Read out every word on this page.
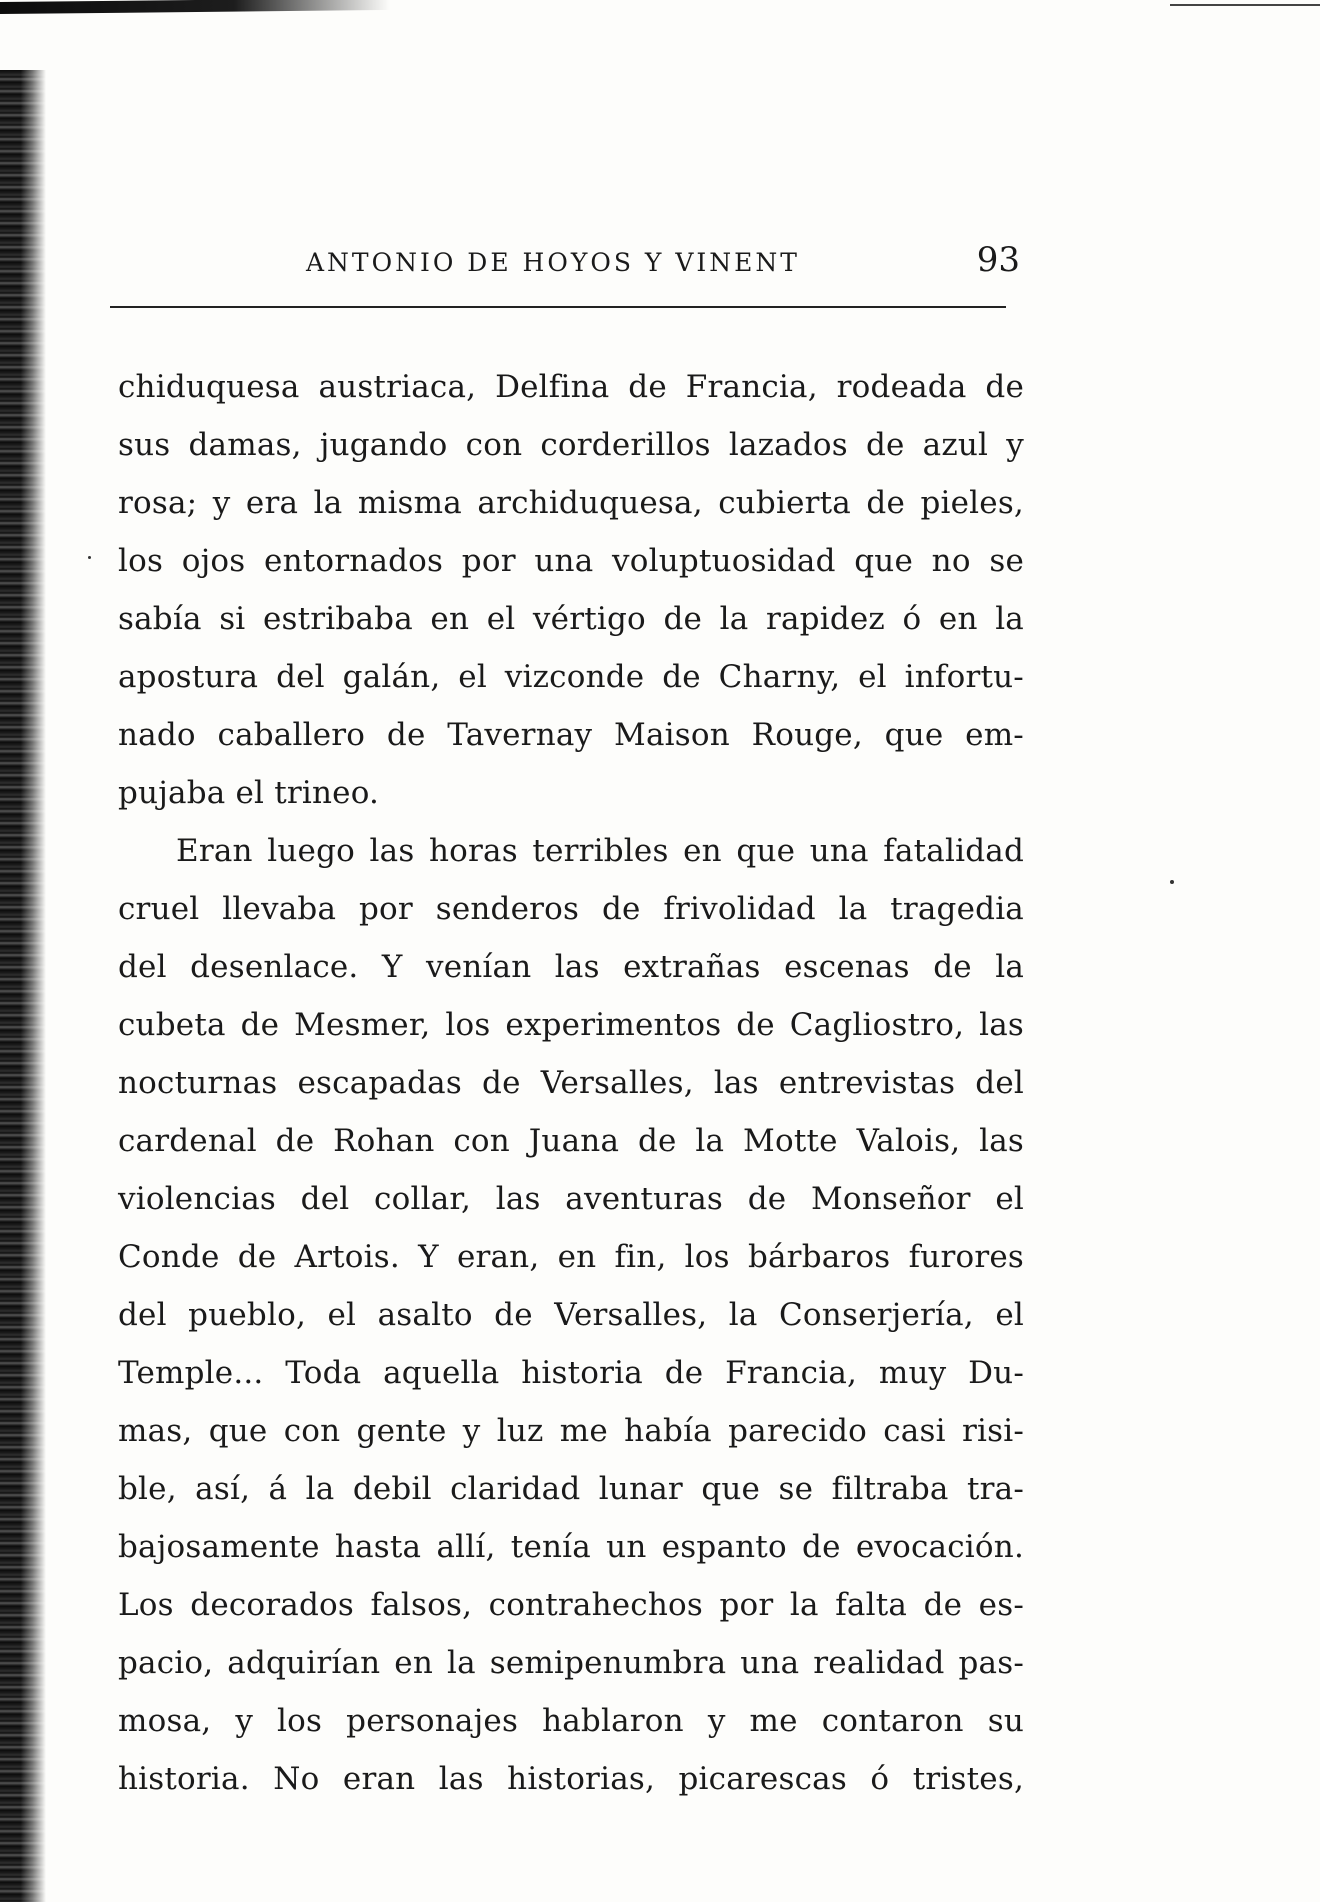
ANTONIO DE HOYOS Y VINENT	93
chiduquesa austriaca, Delfina de Francia, rodeada de
sus damas, jugando con corderillos lazados de azul y
rosa; y era la misma archiduquesa, cubierta de pieles,
los ojos entornados por una voluptuosidad que no se
sabía si estribaba en el vértigo de la rapidez ó en la
apostura del galán, el vizconde de Charny, el infortu-
nado caballero de Tavernay Maison Rouge, que em-
pujaba el trineo.
Eran luego las horas terribles en que una fatalidad
cruel llevaba por senderos de frivolidad la tragedia
del desenlace. Y venían las extrañas escenas de la
cubeta de Mesmer, los experimentos de Cagliostro, las
nocturnas escapadas de Versalles, las entrevistas del
cardenal de Rohan con Juana de la Motte Valois, las
violencias del collar, las aventuras de Monseñor el
Conde de Artois. Y eran, en fin, los bárbaros furores
del pueblo, el asalto de Versalles, la Conserjería, el
Temple... Toda aquella historia de Francia, muy Du-
mas, que con gente y luz me había parecido casi risi-
ble, así, á la debil claridad lunar que se filtraba tra-
bajosamente hasta allí, tenía un espanto de evocación.
Los decorados falsos, contrahechos por la falta de es-
pacio, adquirían en la semipenumbra una realidad pas-
mosa, y los personajes hablaron y me contaron su
historia. No eran las historias, picarescas ó tristes,
